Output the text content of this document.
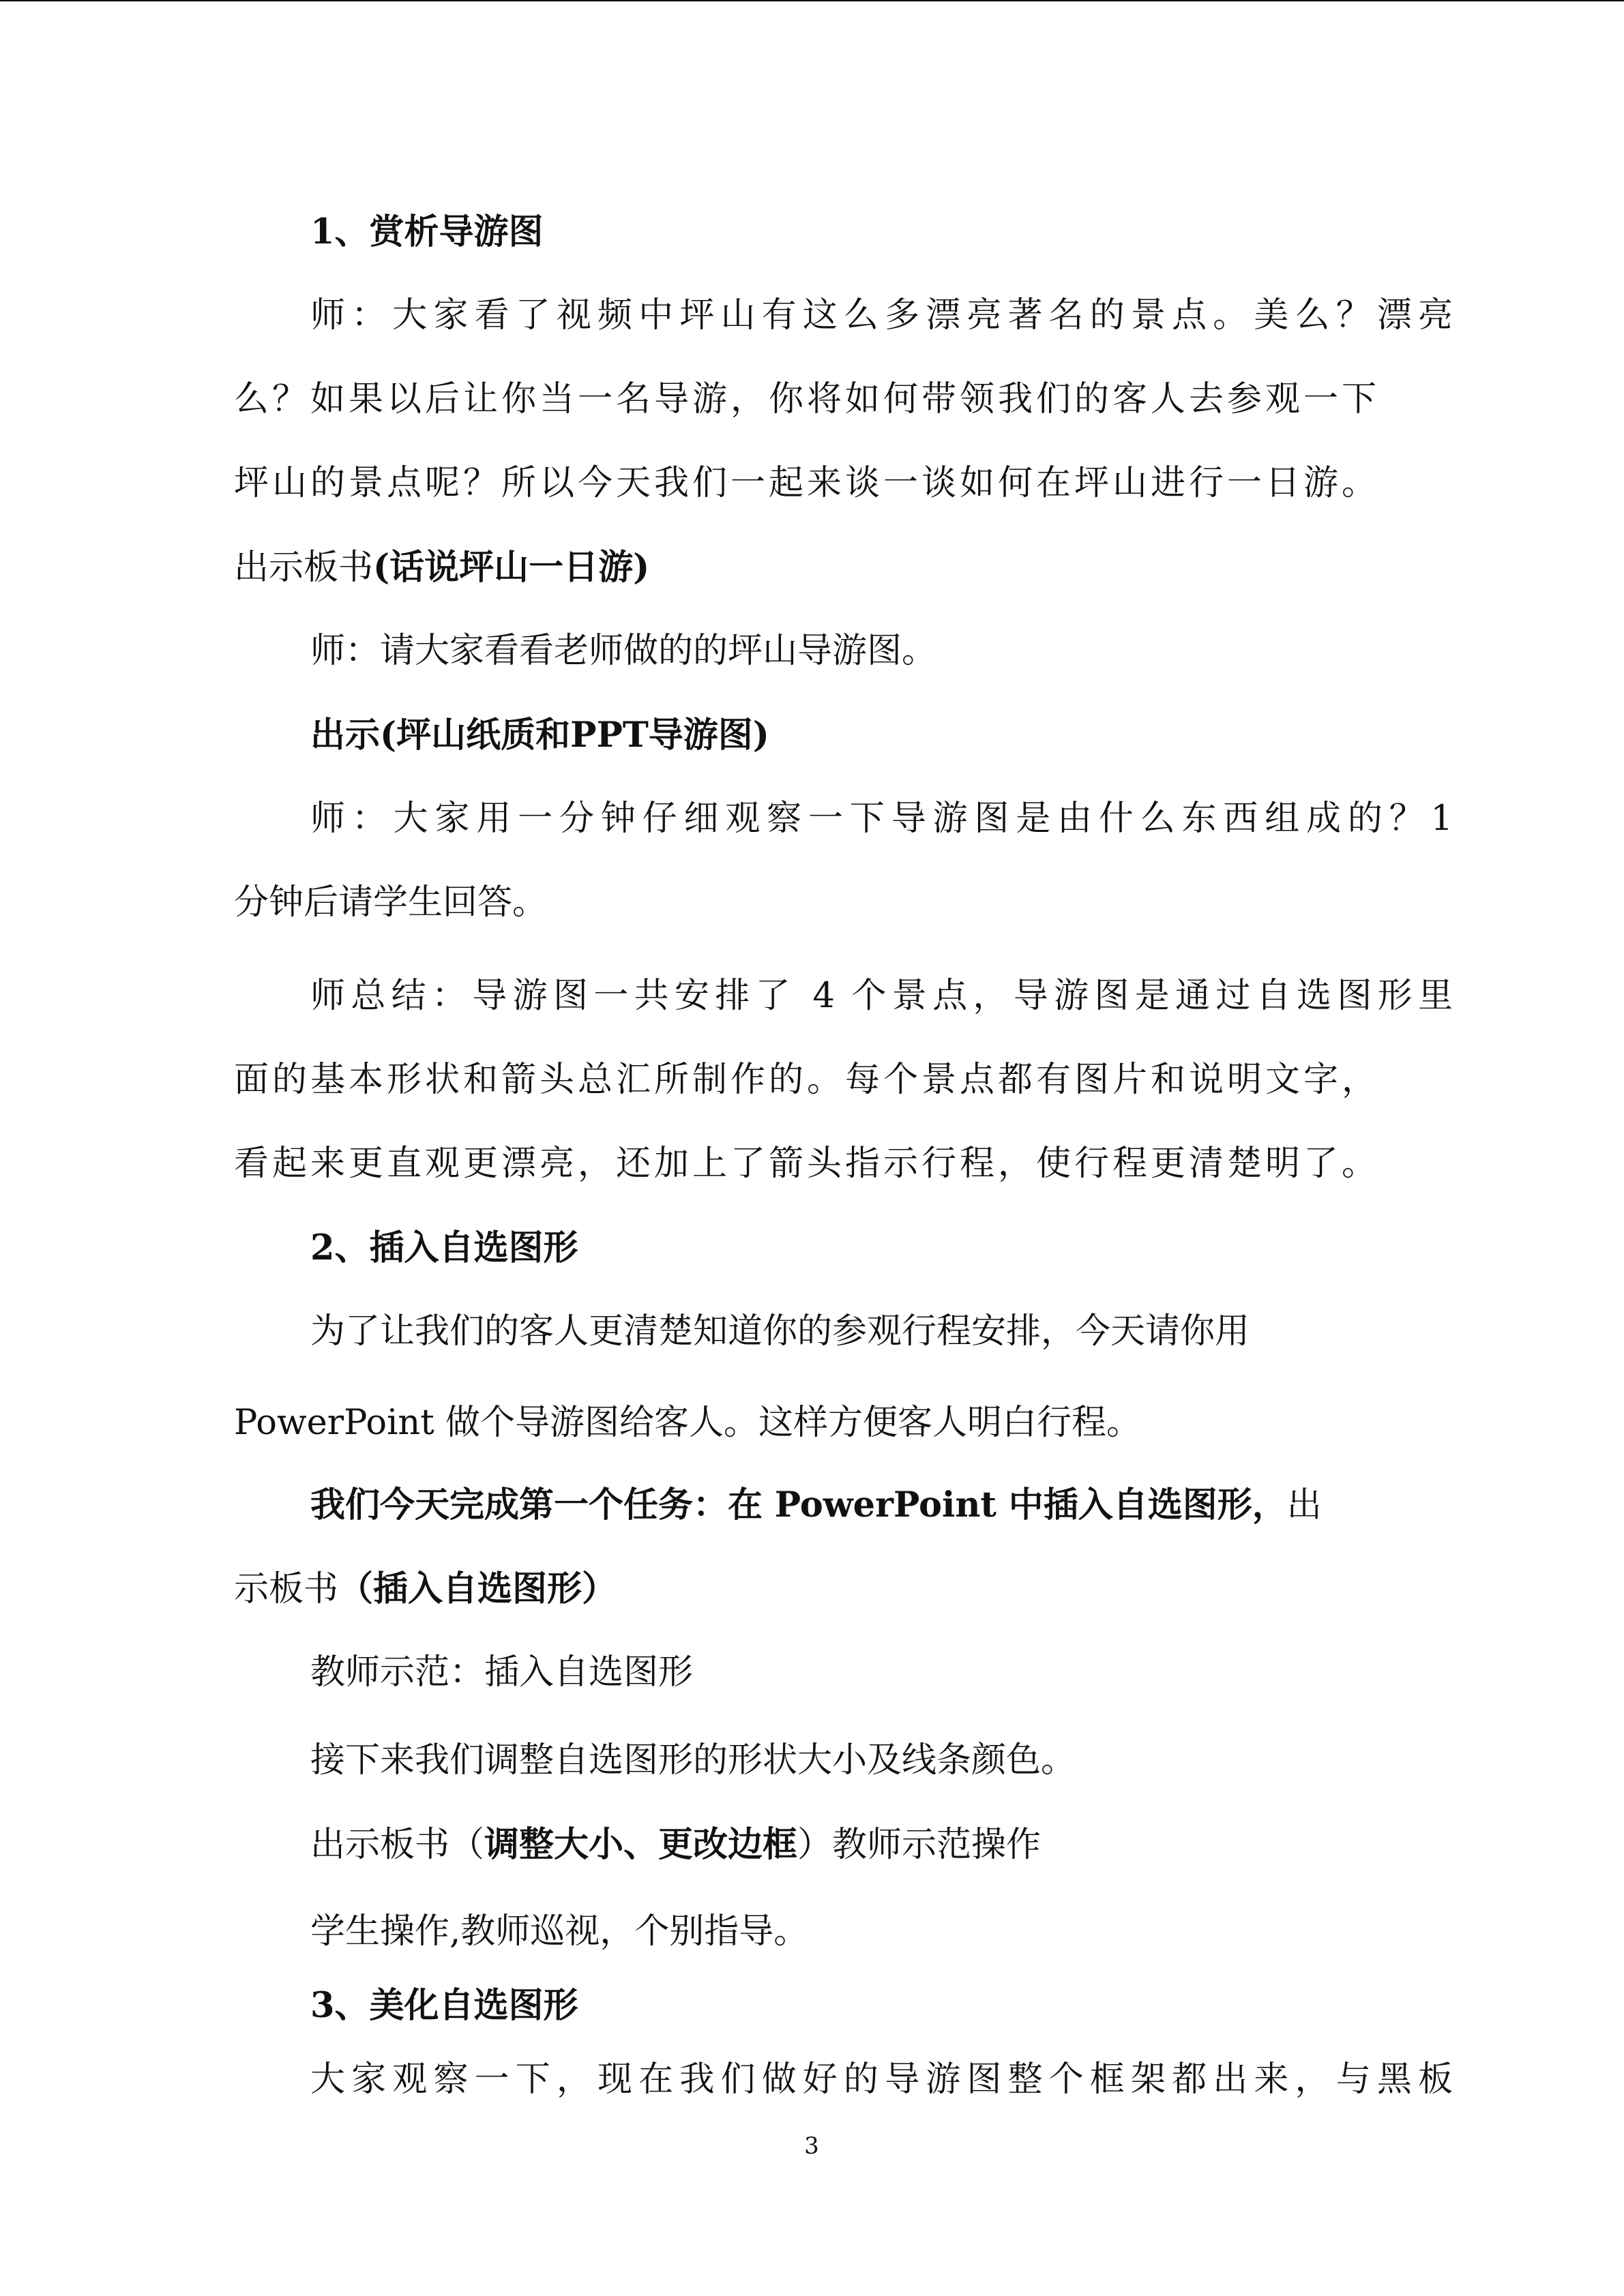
1、赏析导游图
师：大家看了视频中坪山有这么多漂亮著名的景点。美么？漂亮
么？如果以后让你当一名导游，你将如何带领我们的客人去参观一下
坪山的景点呢？所以今天我们一起来谈一谈如何在坪山进行一日游。
出示板书(话说坪山一日游)
师：请大家看看老师做的的坪山导游图。
出示(坪山纸质和PPT导游图)
师：大家用一分钟仔细观察一下导游图是由什么东西组成的？1
分钟后请学生回答。
师总结：导游图一共安排了 4 个景点，导游图是通过自选图形里
面的基本形状和箭头总汇所制作的。每个景点都有图片和说明文字，
看起来更直观更漂亮，还加上了箭头指示行程，使行程更清楚明了。
2、插入自选图形
为了让我们的客人更清楚知道你的参观行程安排，今天请你用
PowerPoint 做个导游图给客人。这样方便客人明白行程。
我们今天完成第一个任务：在 PowerPoint 中插入自选图形，出
示板书（插入自选图形）
教师示范：插入自选图形
接下来我们调整自选图形的形状大小及线条颜色。
出示板书（调整大小、更改边框）教师示范操作
学生操作,教师巡视，个别指导。
3、美化自选图形
大家观察一下，现在我们做好的导游图整个框架都出来，与黑板
3
